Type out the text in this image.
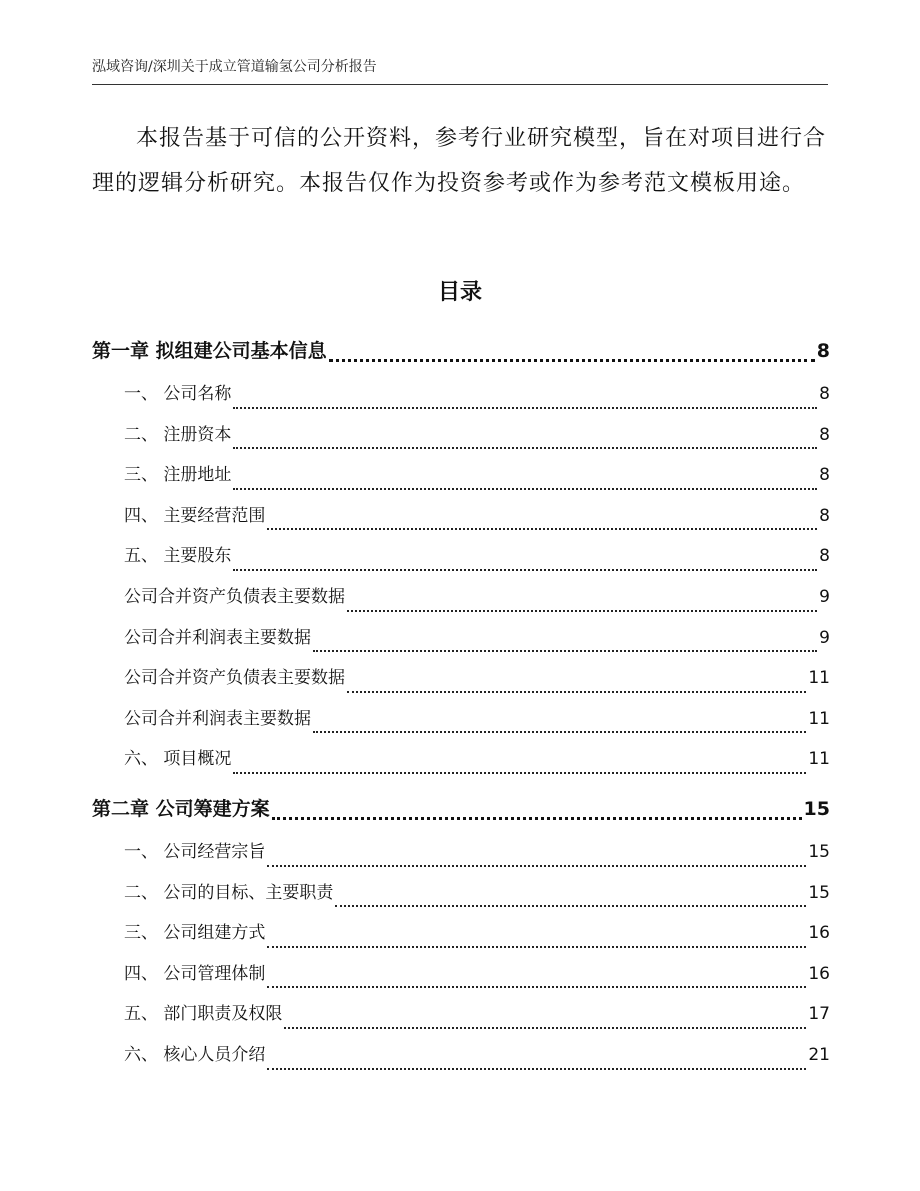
泓域咨询/深圳关于成立管道输氢公司分析报告
本报告基于可信的公开资料，参考行业研究模型，旨在对项目进行合理的逻辑分析研究。本报告仅作为投资参考或作为参考范文模板用途。
目录
第一章 拟组建公司基本信息	8
一、 公司名称	8
二、 注册资本	8
三、 注册地址	8
四、 主要经营范围	8
五、 主要股东	8
公司合并资产负债表主要数据	9
公司合并利润表主要数据	9
公司合并资产负债表主要数据	11
公司合并利润表主要数据	11
六、 项目概况	11
第二章 公司筹建方案	15
一、 公司经营宗旨	15
二、 公司的目标、主要职责	15
三、 公司组建方式	16
四、 公司管理体制	16
五、 部门职责及权限	17
六、 核心人员介绍	21
